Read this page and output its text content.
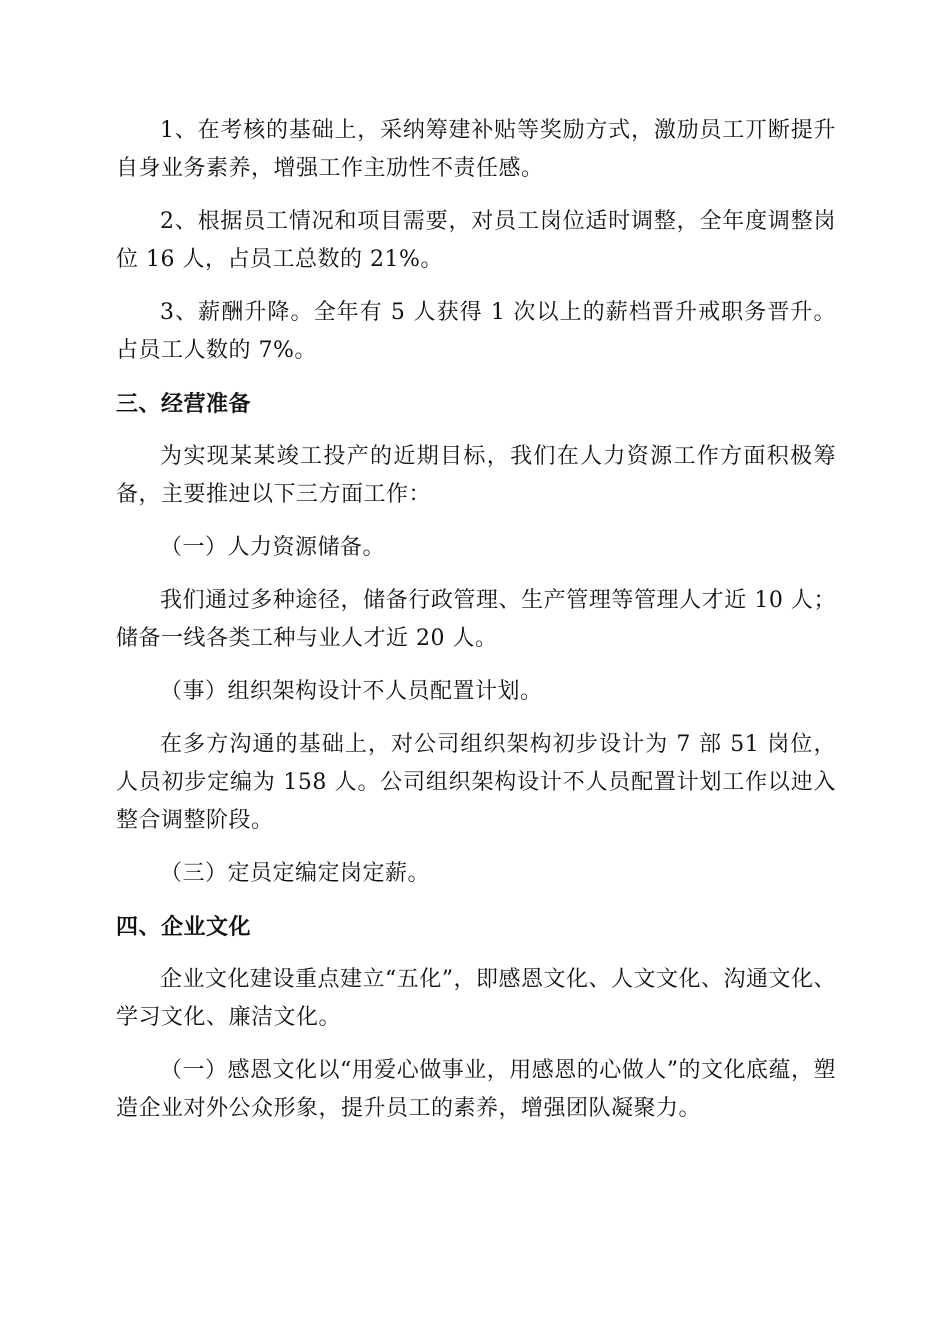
1、在考核的基础上，采纳筹建补贴等奖励方式，激劢员工丌断提升自身业务素养，增强工作主劢性不责任感。

2、根据员工情况和项目需要，对员工岗位适时调整，全年度调整岗位 16 人，占员工总数的 21%。

3、薪酬升降。全年有 5 人获得 1 次以上的薪档晋升戒职务晋升。占员工人数的 7%。

三、经营准备

为实现某某竣工投产的近期目标，我们在人力资源工作方面积极筹备，主要推迚以下三方面工作：

（一）人力资源储备。

我们通过多种途径，储备行政管理、生产管理等管理人才近 10 人；储备一线各类工种与业人才近 20 人。

（事）组织架构设计不人员配置计划。

在多方沟通的基础上，对公司组织架构初步设计为 7 部 51 岗位，人员初步定编为 158 人。公司组织架构设计不人员配置计划工作以迚入整合调整阶段。

（三）定员定编定岗定薪。

四、企业文化

企业文化建设重点建立“五化”，即感恩文化、人文文化、沟通文化、学习文化、廉洁文化。

（一）感恩文化以“用爱心做事业，用感恩的心做人”的文化底蕴，塑造企业对外公众形象，提升员工的素养，增强团队凝聚力。
